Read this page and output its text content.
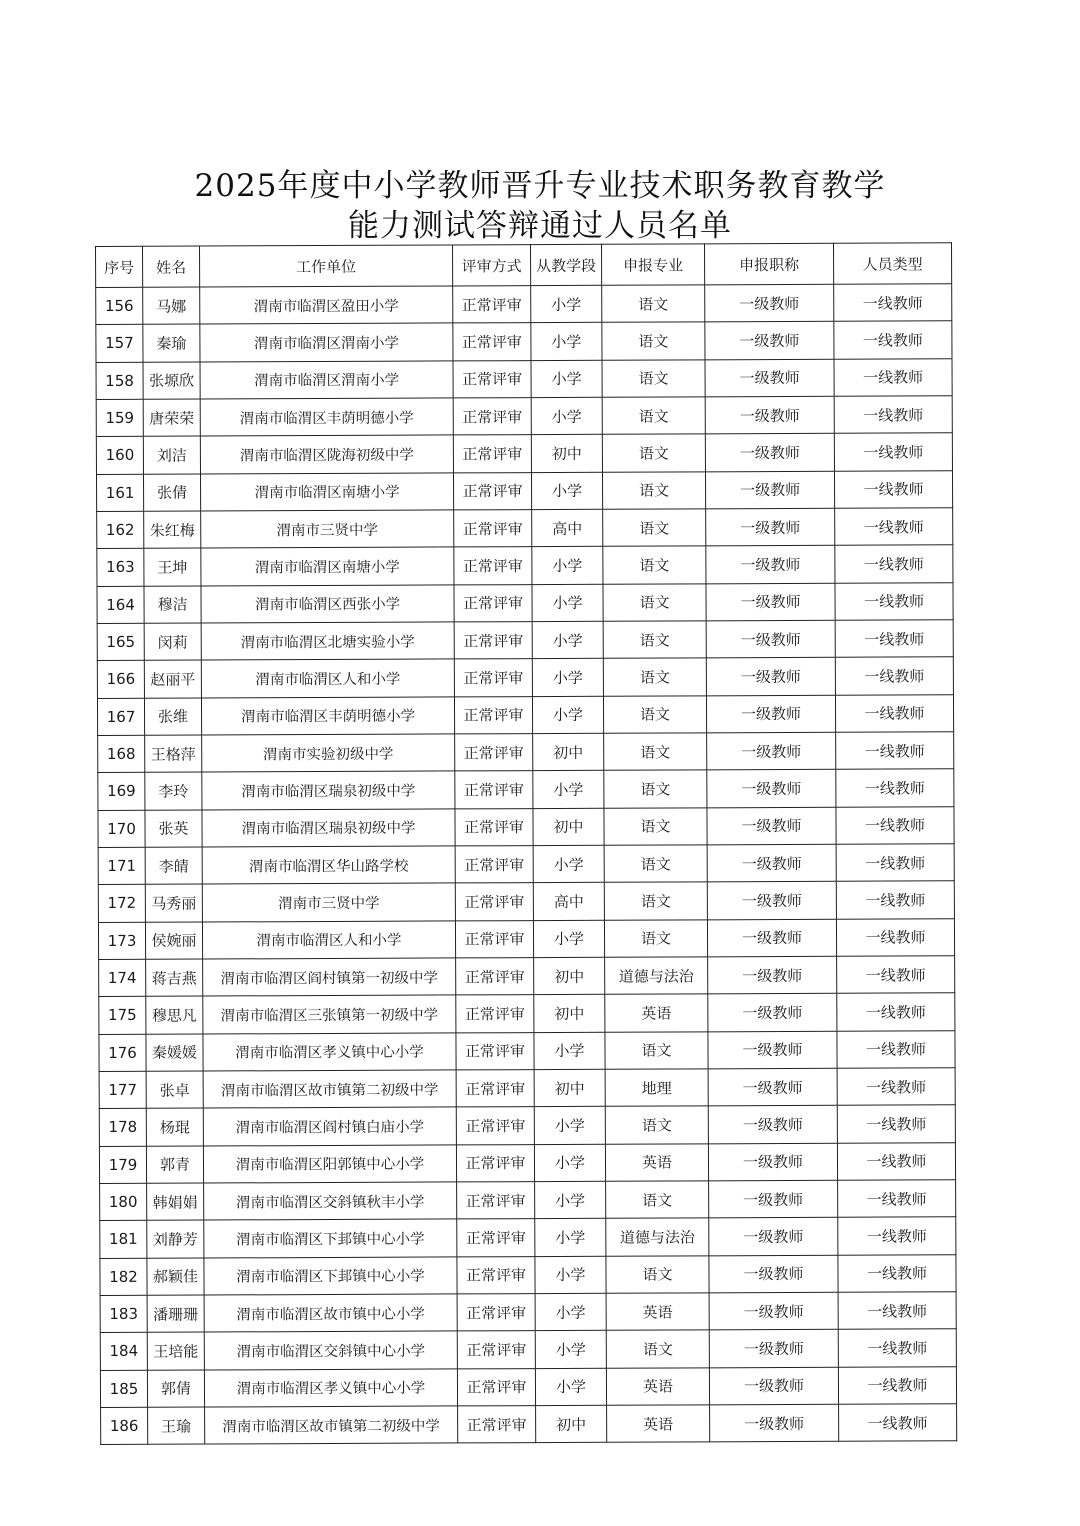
2025年度中小学教师晋升专业技术职务教育教学
能力测试答辩通过人员名单
序号	姓名	工作单位	评审方式	从教学段	申报专业	申报职称	人员类型
156	马娜	渭南市临渭区盈田小学	正常评审	小学	语文	一级教师	一线教师
157	秦瑜	渭南市临渭区渭南小学	正常评审	小学	语文	一级教师	一线教师
158	张塬欣	渭南市临渭区渭南小学	正常评审	小学	语文	一级教师	一线教师
159	唐荣荣	渭南市临渭区丰荫明德小学	正常评审	小学	语文	一级教师	一线教师
160	刘洁	渭南市临渭区陇海初级中学	正常评审	初中	语文	一级教师	一线教师
161	张倩	渭南市临渭区南塘小学	正常评审	小学	语文	一级教师	一线教师
162	朱红梅	渭南市三贤中学	正常评审	高中	语文	一级教师	一线教师
163	王坤	渭南市临渭区南塘小学	正常评审	小学	语文	一级教师	一线教师
164	穆洁	渭南市临渭区西张小学	正常评审	小学	语文	一级教师	一线教师
165	闵莉	渭南市临渭区北塘实验小学	正常评审	小学	语文	一级教师	一线教师
166	赵丽平	渭南市临渭区人和小学	正常评审	小学	语文	一级教师	一线教师
167	张维	渭南市临渭区丰荫明德小学	正常评审	小学	语文	一级教师	一线教师
168	王格萍	渭南市实验初级中学	正常评审	初中	语文	一级教师	一线教师
169	李玲	渭南市临渭区瑞泉初级中学	正常评审	小学	语文	一级教师	一线教师
170	张英	渭南市临渭区瑞泉初级中学	正常评审	初中	语文	一级教师	一线教师
171	李皘	渭南市临渭区华山路学校	正常评审	小学	语文	一级教师	一线教师
172	马秀丽	渭南市三贤中学	正常评审	高中	语文	一级教师	一线教师
173	侯婉丽	渭南市临渭区人和小学	正常评审	小学	语文	一级教师	一线教师
174	蒋吉燕	渭南市临渭区阎村镇第一初级中学	正常评审	初中	道德与法治	一级教师	一线教师
175	穆思凡	渭南市临渭区三张镇第一初级中学	正常评审	初中	英语	一级教师	一线教师
176	秦媛媛	渭南市临渭区孝义镇中心小学	正常评审	小学	语文	一级教师	一线教师
177	张卓	渭南市临渭区故市镇第二初级中学	正常评审	初中	地理	一级教师	一线教师
178	杨琨	渭南市临渭区阎村镇白庙小学	正常评审	小学	语文	一级教师	一线教师
179	郭青	渭南市临渭区阳郭镇中心小学	正常评审	小学	英语	一级教师	一线教师
180	韩娟娟	渭南市临渭区交斜镇秋丰小学	正常评审	小学	语文	一级教师	一线教师
181	刘静芳	渭南市临渭区下邽镇中心小学	正常评审	小学	道德与法治	一级教师	一线教师
182	郝颖佳	渭南市临渭区下邽镇中心小学	正常评审	小学	语文	一级教师	一线教师
183	潘珊珊	渭南市临渭区故市镇中心小学	正常评审	小学	英语	一级教师	一线教师
184	王培能	渭南市临渭区交斜镇中心小学	正常评审	小学	语文	一级教师	一线教师
185	郭倩	渭南市临渭区孝义镇中心小学	正常评审	小学	英语	一级教师	一线教师
186	王瑜	渭南市临渭区故市镇第二初级中学	正常评审	初中	英语	一级教师	一线教师
